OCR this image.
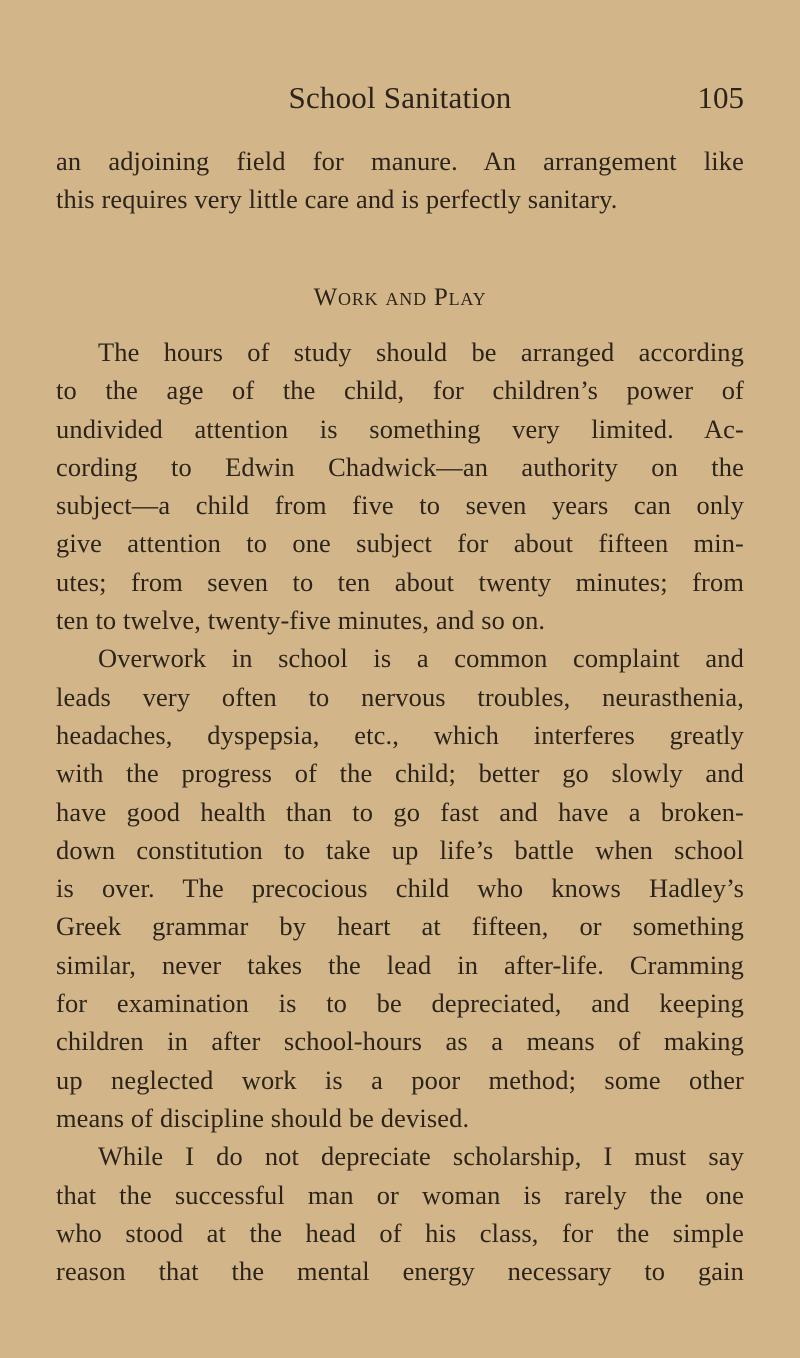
School Sanitation	105
an adjoining field for manure. An arrangement like
this requires very little care and is perfectly sanitary.
Work and Play
The hours of study should be arranged according
to the age of the child, for children’s power of
undivided attention is something very limited. Ac-
cording to Edwin Chadwick—an authority on the
subject—a child from five to seven years can only
give attention to one subject for about fifteen min-
utes; from seven to ten about twenty minutes; from
ten to twelve, twenty-five minutes, and so on.
Overwork in school is a common complaint and
leads very often to nervous troubles, neurasthenia,
headaches, dyspepsia, etc., which interferes greatly
with the progress of the child; better go slowly and
have good health than to go fast and have a broken-
down constitution to take up life’s battle when school
is over. The precocious child who knows Hadley’s
Greek grammar by heart at fifteen, or something
similar, never takes the lead in after-life. Cramming
for examination is to be depreciated, and keeping
children in after school-hours as a means of making
up neglected work is a poor method; some other
means of discipline should be devised.
While I do not depreciate scholarship, I must say
that the successful man or woman is rarely the one
who stood at the head of his class, for the simple
reason that the mental energy necessary to gain
